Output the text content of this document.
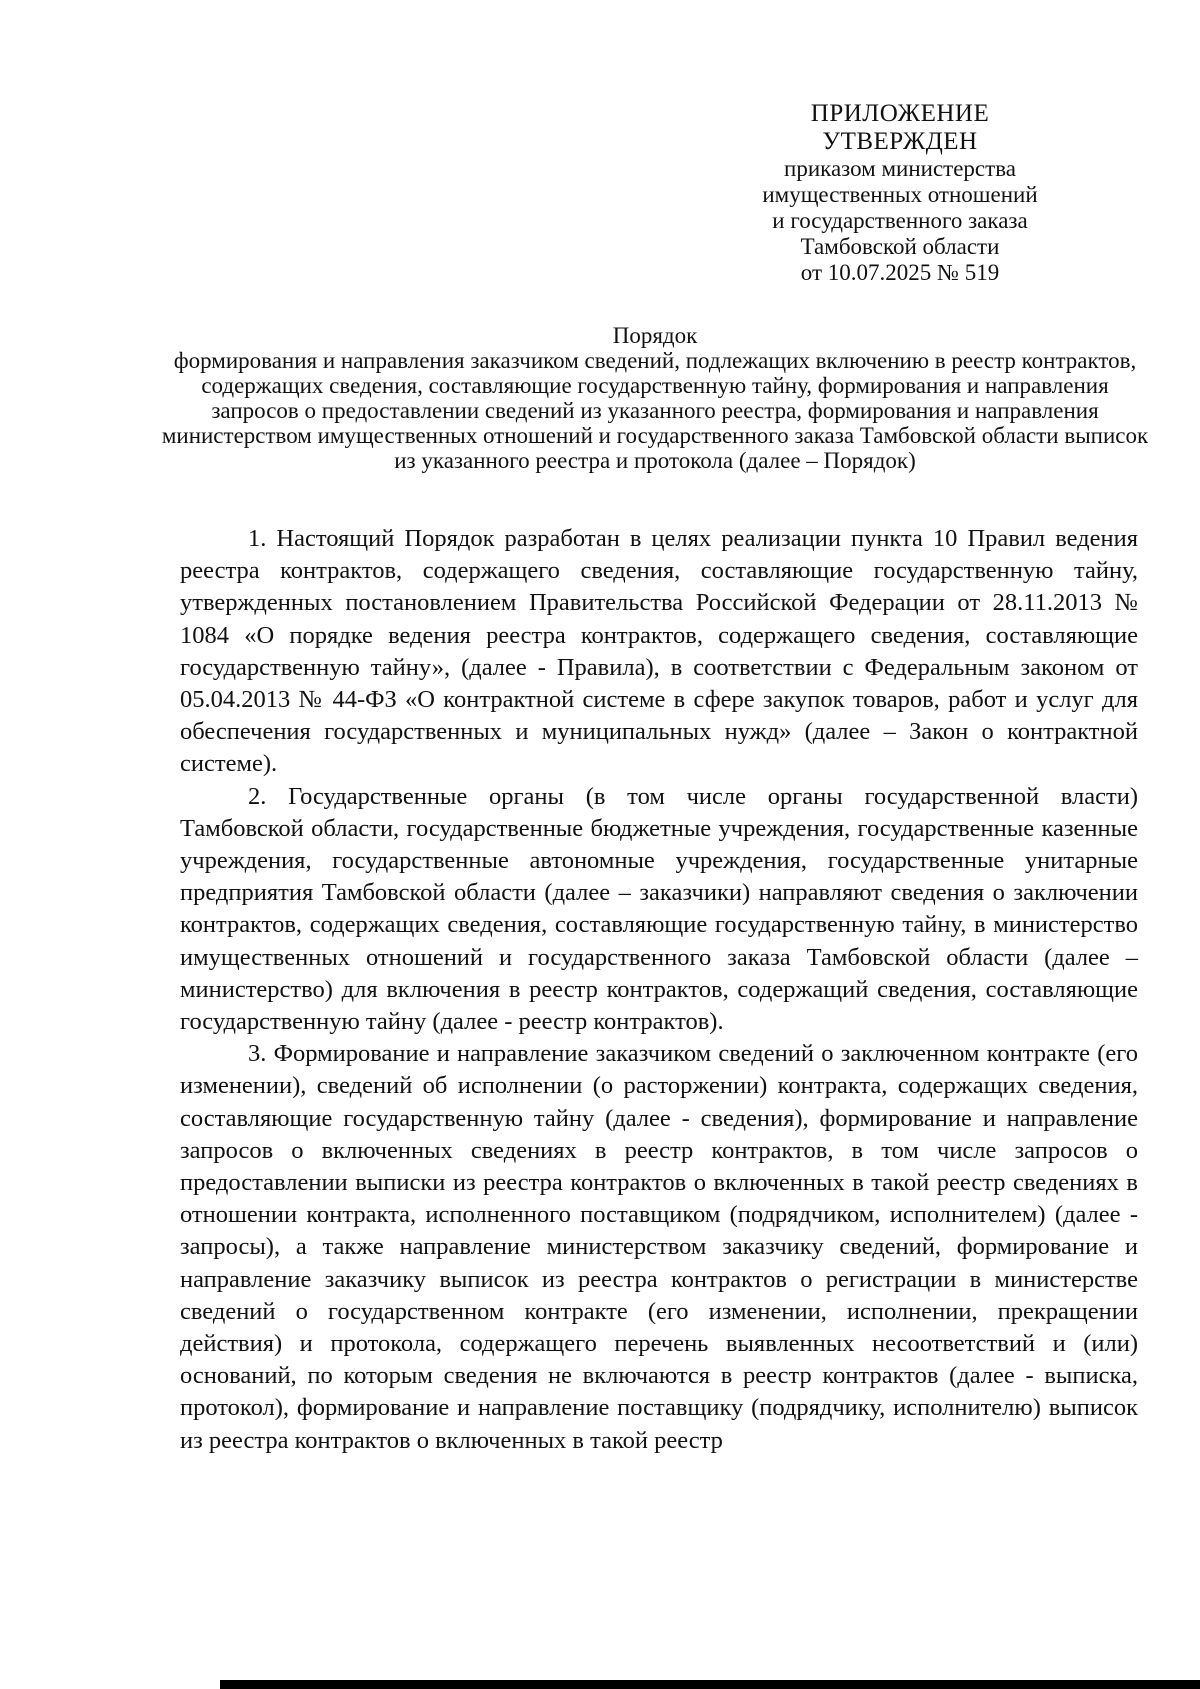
ПРИЛОЖЕНИЕ
УТВЕРЖДЕН
приказом министерства
имущественных отношений
и государственного заказа
Тамбовской области
от 10.07.2025 № 519
Порядок
формирования и направления заказчиком сведений, подлежащих включению в реестр контрактов, содержащих сведения, составляющие государственную тайну, формирования и направления запросов о предоставлении сведений из указанного реестра, формирования и направления министерством имущественных отношений и государственного заказа Тамбовской области выписок из указанного реестра и протокола (далее – Порядок)

1. Настоящий Порядок разработан в целях реализации пункта 10 Правил ведения реестра контрактов, содержащего сведения, составляющие государственную тайну, утвержденных постановлением Правительства Российской Федерации от 28.11.2013 № 1084 «О порядке ведения реестра контрактов, содержащего сведения, составляющие государственную тайну», (далее - Правила), в соответствии с Федеральным законом от 05.04.2013 № 44-ФЗ «О контрактной системе в сфере закупок товаров, работ и услуг для обеспечения государственных и муниципальных нужд» (далее – Закон о контрактной системе).

2. Государственные органы (в том числе органы государственной власти) Тамбовской области, государственные бюджетные учреждения, государственные казенные учреждения, государственные автономные учреждения, государственные унитарные предприятия Тамбовской области (далее – заказчики) направляют сведения о заключении контрактов, содержащих сведения, составляющие государственную тайну, в министерство имущественных отношений и государственного заказа Тамбовской области (далее – министерство) для включения в реестр контрактов, содержащий сведения, составляющие государственную тайну (далее - реестр контрактов).

3. Формирование и направление заказчиком сведений о заключенном контракте (его изменении), сведений об исполнении (о расторжении) контракта, содержащих сведения, составляющие государственную тайну (далее - сведения), формирование и направление запросов о включенных сведениях в реестр контрактов, в том числе запросов о предоставлении выписки из реестра контрактов о включенных в такой реестр сведениях в отношении контракта, исполненного поставщиком (подрядчиком, исполнителем) (далее - запросы), а также направление министерством заказчику сведений, формирование и направление заказчику выписок из реестра контрактов о регистрации в министерстве сведений о государственном контракте (его изменении, исполнении, прекращении действия) и протокола, содержащего перечень выявленных несоответствий и (или) оснований, по которым сведения не включаются в реестр контрактов (далее - выписка, протокол), формирование и направление поставщику (подрядчику, исполнителю) выписок из реестра контрактов о включенных в такой реестр
